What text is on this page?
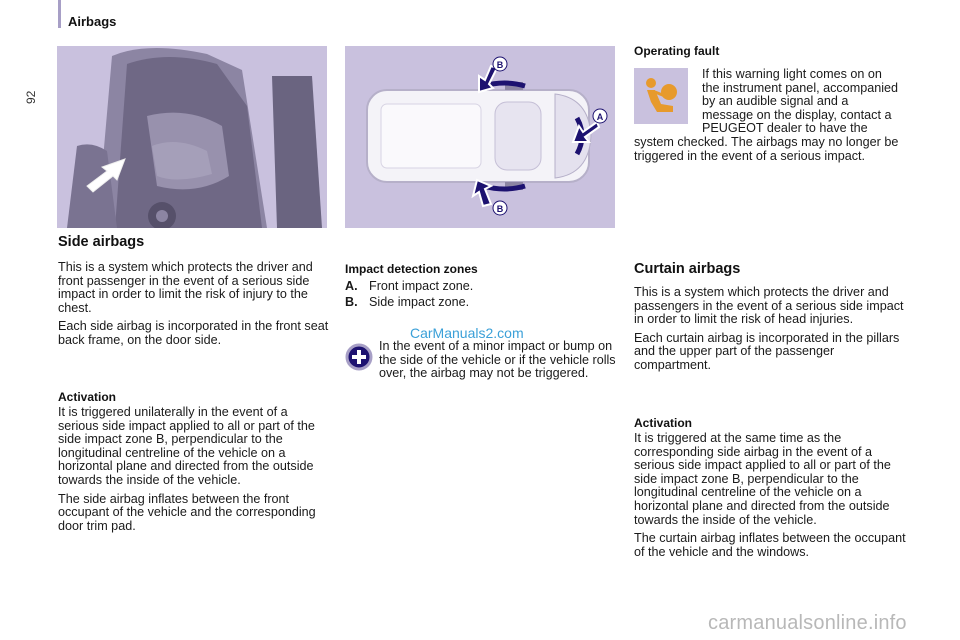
92
Airbags
B
A
B
Side airbags

This is a system which protects the driver and front passenger in the event of a serious side impact in order to limit the risk of injury to the chest.

Each side airbag is incorporated in the front seat back frame, on the door side.

Activation

It is triggered unilaterally in the event of a serious side impact applied to all or part of the side impact zone B, perpendicular to the longitudinal centreline of the vehicle on a horizontal plane and directed from the outside towards the inside of the vehicle.

The side airbag inflates between the front occupant of the vehicle and the corresponding door trim pad.

Impact detection zones
A. Front impact zone.
B. Side impact zone.
CarManuals2.com

In the event of a minor impact or bump on the side of the vehicle or if the vehicle rolls over, the airbag may not be triggered.

Operating fault

If this warning light comes on on the instrument panel, accompanied by an audible signal and a message on the display, contact a PEUGEOT dealer to have the system checked. The airbags may no longer be triggered in the event of a serious impact.

Curtain airbags

This is a system which protects the driver and passengers in the event of a serious side impact in order to limit the risk of head injuries.

Each curtain airbag is incorporated in the pillars and the upper part of the passenger compartment.

Activation

It is triggered at the same time as the corresponding side airbag in the event of a serious side impact applied to all or part of the side impact zone B, perpendicular to the longitudinal centreline of the vehicle on a horizontal plane and directed from the outside towards the inside of the vehicle.

The curtain airbag inflates between the occupant of the vehicle and the windows.

carmanualsonline.info
